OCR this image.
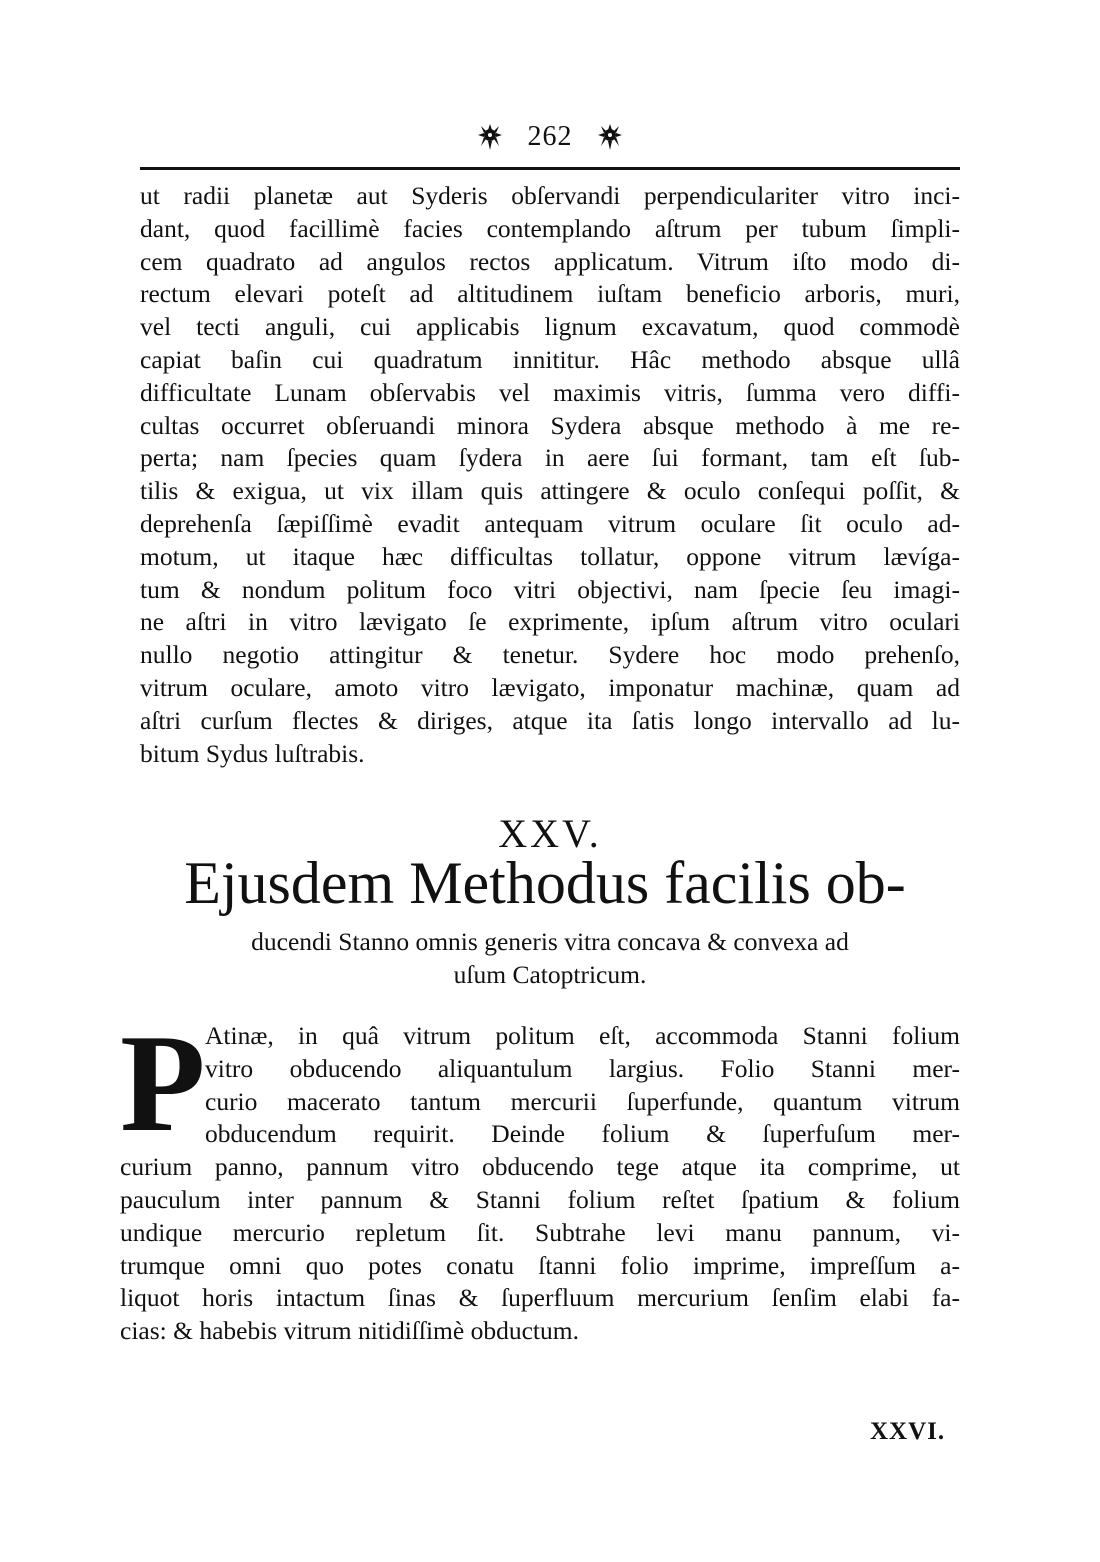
262
ut radii planetæ aut Syderis obſervandi perpendiculariter vitro inci-
dant, quod facillimè facies contemplando aſtrum per tubum ſimpli-
cem quadrato ad angulos rectos applicatum. Vitrum iſto modo di-
rectum elevari poteſt ad altitudinem iuſtam beneficio arboris, muri,
vel tecti anguli, cui applicabis lignum excavatum, quod commodè
capiat baſin cui quadratum innititur. Hâc methodo absque ullâ
difficultate Lunam obſervabis vel maximis vitris, ſumma vero diffi-
cultas occurret obſeruandi minora Sydera absque methodo à me re-
perta; nam ſpecies quam ſydera in aere ſui formant, tam eſt ſub-
tilis & exigua, ut vix illam quis attingere & oculo conſequi poſſit, &
deprehenſa ſæpiſſimè evadit antequam vitrum oculare ſit oculo ad-
motum, ut itaque hæc difficultas tollatur, oppone vitrum lævíga-
tum & nondum politum foco vitri objectivi, nam ſpecie ſeu imagi-
ne aſtri in vitro lævigato ſe exprimente, ipſum aſtrum vitro oculari
nullo negotio attingitur & tenetur. Sydere hoc modo prehenſo,
vitrum oculare, amoto vitro lævigato, imponatur machinæ, quam ad
aſtri curſum flectes & diriges, atque ita ſatis longo intervallo ad lu-
bitum Sydus luſtrabis.
XXV.
Ejusdem Methodus facilis ob-
ducendi Stanno omnis generis vitra concava & convexa ad
uſum Catoptricum.
P Atinæ, in quâ vitrum politum eſt, accommoda Stanni folium
vitro obducendo aliquantulum largius. Folio Stanni mer-
curio macerato tantum mercurii ſuperfunde, quantum vitrum
obducendum requirit. Deinde folium & ſuperfuſum mer-
curium panno, pannum vitro obducendo tege atque ita comprime, ut
pauculum inter pannum & Stanni folium reſtet ſpatium & folium
undique mercurio repletum ſit. Subtrahe levi manu pannum, vi-
trumque omni quo potes conatu ſtanni folio imprime, impreſſum a-
liquot horis intactum ſinas & ſuperfluum mercurium ſenſim elabi fa-
cias: & habebis vitrum nitidiſſimè obductum.
XXVI.
